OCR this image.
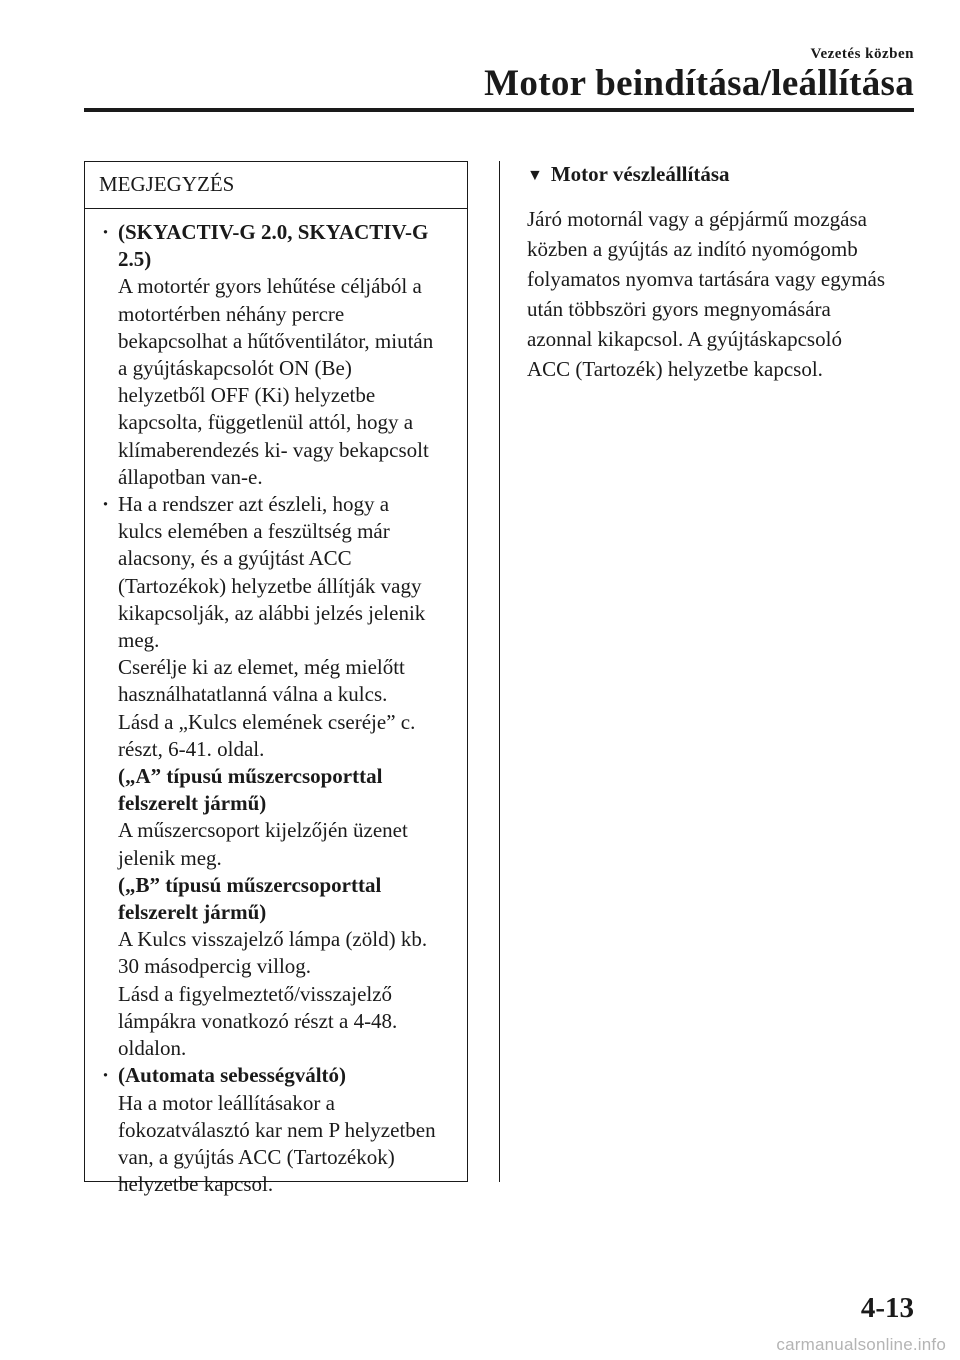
Vezetés közben
Motor beindítása/leállítása
MEGJEGYZÉS
· (SKYACTIV-G 2.0, SKYACTIV-G
2.5)
A motortér gyors lehűtése céljából a
motortérben néhány percre
bekapcsolhat a hűtőventilátor, miután
a gyújtáskapcsolót ON (Be)
helyzetből OFF (Ki) helyzetbe
kapcsolta, függetlenül attól, hogy a
klímaberendezés ki- vagy bekapcsolt
állapotban van-e.
· Ha a rendszer azt észleli, hogy a
kulcs elemében a feszültség már
alacsony, és a gyújtást ACC
(Tartozékok) helyzetbe állítják vagy
kikapcsolják, az alábbi jelzés jelenik
meg.
Cserélje ki az elemet, még mielőtt
használhatatlanná válna a kulcs.
Lásd a „Kulcs elemének cseréje” c.
részt, 6-41. oldal.
(„A” típusú műszercsoporttal
felszerelt jármű)
A műszercsoport kijelzőjén üzenet
jelenik meg.
(„B” típusú műszercsoporttal
felszerelt jármű)
A Kulcs visszajelző lámpa (zöld) kb.
30 másodpercig villog.
Lásd a figyelmeztető/visszajelző
lámpákra vonatkozó részt a 4-48.
oldalon.
· (Automata sebességváltó)
Ha a motor leállításakor a
fokozatválasztó kar nem P helyzetben
van, a gyújtás ACC (Tartozékok)
helyzetbe kapcsol.
▼ Motor vészleállítása
Járó motornál vagy a gépjármű mozgása
közben a gyújtás az indító nyomógomb
folyamatos nyomva tartására vagy egymás
után többszöri gyors megnyomására
azonnal kikapcsol. A gyújtáskapcsoló
ACC (Tartozék) helyzetbe kapcsol.
4-13
carmanualsonline.info
